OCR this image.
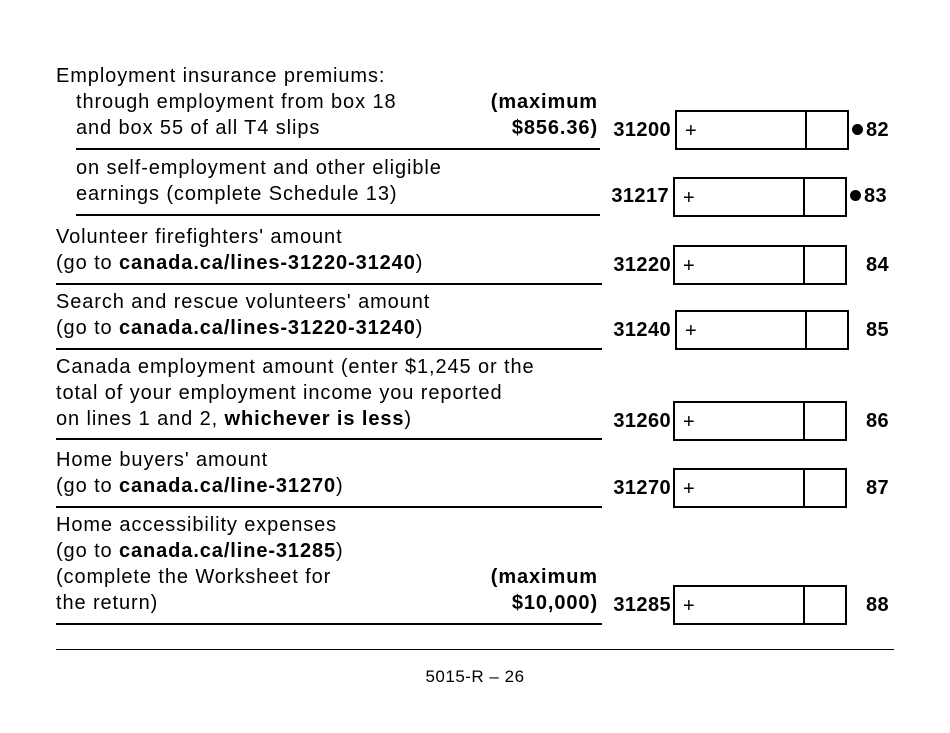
Employment insurance premiums:
through employment from box 18
and box 55 of all T4 slips
(maximum
$856.36) 31200 +	82
on self-employment and other eligible
earnings (complete Schedule 13)	31217 +	83
Volunteer firefighters' amount
(go to canada.ca/lines-31220-31240)	31220 +	84
Search and rescue volunteers' amount
(go to canada.ca/lines-31220-31240)	31240 +	85
Canada employment amount (enter $1,245 or the
total of your employment income you reported
on lines 1 and 2, whichever is less)	31260 +	86
Home buyers' amount
(go to canada.ca/line-31270)	31270 +	87
Home accessibility expenses
(go to canada.ca/line-31285)
(complete the Worksheet for
the return)
(maximum
$10,000) 31285 +	88
5015-R – 26
